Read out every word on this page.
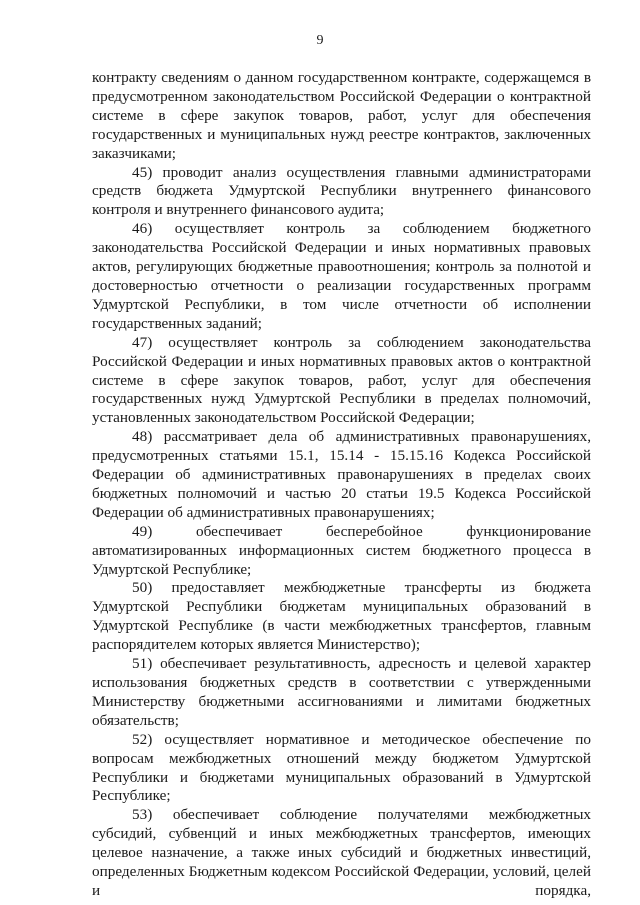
9

контракту сведениям о данном государственном контракте, содержащемся в предусмотренном законодательством Российской Федерации о контрактной системе в сфере закупок товаров, работ, услуг для обеспечения государственных и муниципальных нужд реестре контрактов, заключенных заказчиками;

45) проводит анализ осуществления главными администраторами средств бюджета Удмуртской Республики внутреннего финансового контроля и внутреннего финансового аудита;

46) осуществляет контроль за соблюдением бюджетного законодательства Российской Федерации и иных нормативных правовых актов, регулирующих бюджетные правоотношения; контроль за полнотой и достоверностью отчетности о реализации государственных программ Удмуртской Республики, в том числе отчетности об исполнении государственных заданий;

47) осуществляет контроль за соблюдением законодательства Российской Федерации и иных нормативных правовых актов о контрактной системе в сфере закупок товаров, работ, услуг для обеспечения государственных нужд Удмуртской Республики в пределах полномочий, установленных законодательством Российской Федерации;

48) рассматривает дела об административных правонарушениях, предусмотренных статьями 15.1, 15.14 - 15.15.16 Кодекса Российской Федерации об административных правонарушениях в пределах своих бюджетных полномочий и частью 20 статьи 19.5 Кодекса Российской Федерации об административных правонарушениях;

49) обеспечивает бесперебойное функционирование автоматизированных информационных систем бюджетного процесса в Удмуртской Республике;

50) предоставляет межбюджетные трансферты из бюджета Удмуртской Республики бюджетам муниципальных образований в Удмуртской Республике (в части межбюджетных трансфертов, главным распорядителем которых является Министерство);

51) обеспечивает результативность, адресность и целевой характер использования бюджетных средств в соответствии с утвержденными Министерству бюджетными ассигнованиями и лимитами бюджетных обязательств;

52) осуществляет нормативное и методическое обеспечение по вопросам межбюджетных отношений между бюджетом Удмуртской Республики и бюджетами муниципальных образований в Удмуртской Республике;

53) обеспечивает соблюдение получателями межбюджетных субсидий, субвенций и иных межбюджетных трансфертов, имеющих целевое назначение, а также иных субсидий и бюджетных инвестиций, определенных Бюджетным кодексом Российской Федерации, условий, целей и порядка,
